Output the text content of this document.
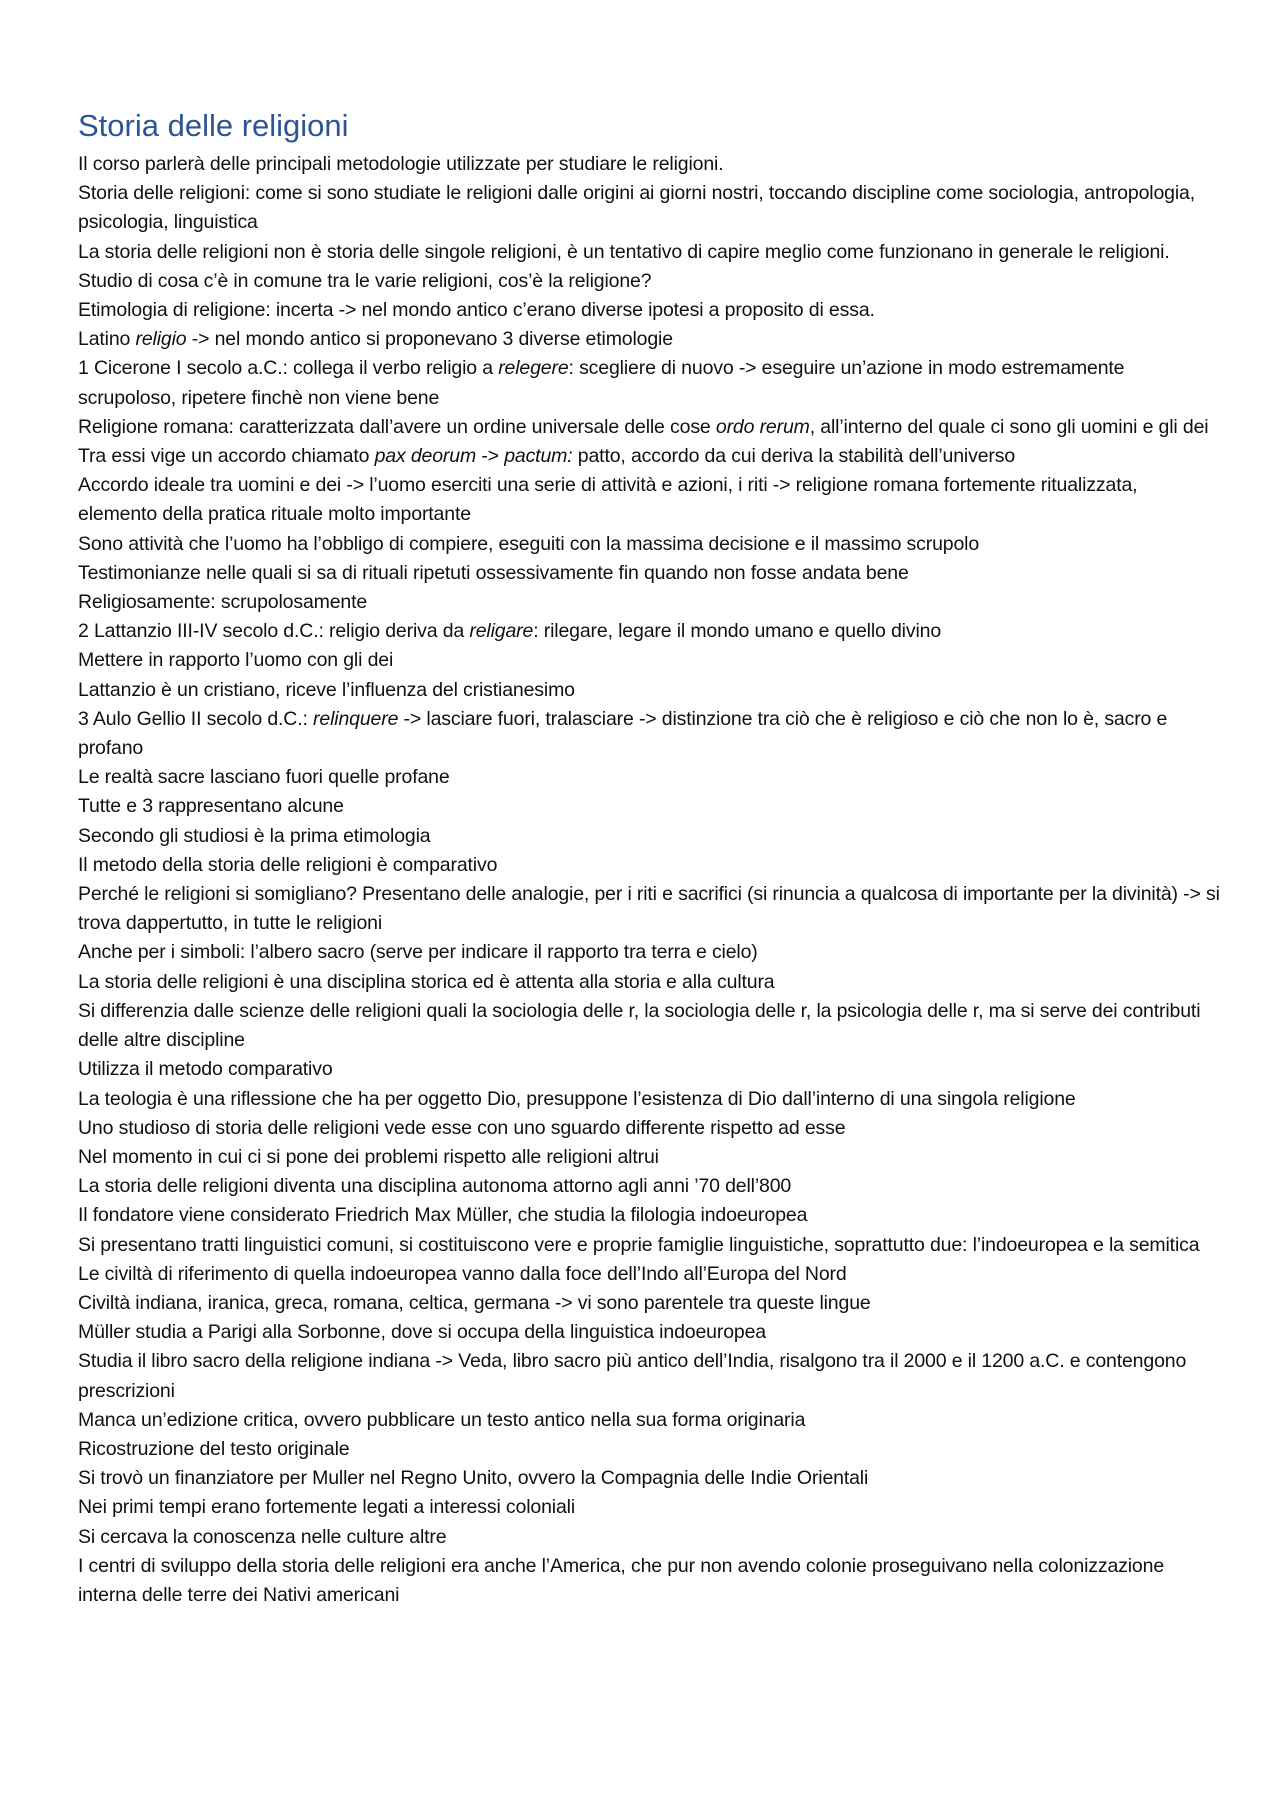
Storia delle religioni

Il corso parlerà delle principali metodologie utilizzate per studiare le religioni.

Storia delle religioni: come si sono studiate le religioni dalle origini ai giorni nostri, toccando discipline come sociologia, antropologia, psicologia, linguistica

La storia delle religioni non è storia delle singole religioni, è un tentativo di capire meglio come funzionano in generale le religioni.

Studio di cosa c’è in comune tra le varie religioni, cos’è la religione?

Etimologia di religione: incerta -> nel mondo antico c’erano diverse ipotesi a proposito di essa.

Latino religio -> nel mondo antico si proponevano 3 diverse etimologie

1 Cicerone I secolo a.C.: collega il verbo religio a relegere: scegliere di nuovo -> eseguire un’azione in modo estremamente scrupoloso, ripetere finchè non viene bene

Religione romana: caratterizzata dall’avere un ordine universale delle cose ordo rerum, all’interno del quale ci sono gli uomini e gli dei

Tra essi vige un accordo chiamato pax deorum -> pactum: patto, accordo da cui deriva la stabilità dell’universo

Accordo ideale tra uomini e dei -> l’uomo eserciti una serie di attività e azioni, i riti -> religione romana fortemente ritualizzata, elemento della pratica rituale molto importante

Sono attività che l’uomo ha l’obbligo di compiere, eseguiti con la massima decisione e il massimo scrupolo

Testimonianze nelle quali si sa di rituali ripetuti ossessivamente fin quando non fosse andata bene

Religiosamente: scrupolosamente

2 Lattanzio III-IV secolo d.C.: religio deriva da religare: rilegare, legare il mondo umano e quello divino

Mettere in rapporto l’uomo con gli dei

Lattanzio è un cristiano, riceve l’influenza del cristianesimo

3 Aulo Gellio II secolo d.C.: relinquere -> lasciare fuori, tralasciare -> distinzione tra ciò che è religioso e ciò che non lo è, sacro e profano

Le realtà sacre lasciano fuori quelle profane

Tutte e 3 rappresentano alcune

Secondo gli studiosi è la prima etimologia

Il metodo della storia delle religioni è comparativo

Perché le religioni si somigliano? Presentano delle analogie, per i riti e sacrifici (si rinuncia a qualcosa di importante per la divinità) -> si trova dappertutto, in tutte le religioni

Anche per i simboli: l’albero sacro (serve per indicare il rapporto tra terra e cielo)

La storia delle religioni è una disciplina storica ed è attenta alla storia e alla cultura

Si differenzia dalle scienze delle religioni quali la sociologia delle r, la sociologia delle r, la psicologia delle r, ma si serve dei contributi delle altre discipline

Utilizza il metodo comparativo

La teologia è una riflessione che ha per oggetto Dio, presuppone l’esistenza di Dio dall’interno di una singola religione

Uno studioso di storia delle religioni vede esse con uno sguardo differente rispetto ad esse

Nel momento in cui ci si pone dei problemi rispetto alle religioni altrui

La storia delle religioni diventa una disciplina autonoma attorno agli anni ’70 dell’800

Il fondatore viene considerato Friedrich Max Müller, che studia la filologia indoeuropea

Si presentano tratti linguistici comuni, si costituiscono vere e proprie famiglie linguistiche, soprattutto due: l’indoeuropea e la semitica

Le civiltà di riferimento di quella indoeuropea vanno dalla foce dell’Indo all’Europa del Nord

Civiltà indiana, iranica, greca, romana, celtica, germana -> vi sono parentele tra queste lingue

Müller studia a Parigi alla Sorbonne, dove si occupa della linguistica indoeuropea

Studia il libro sacro della religione indiana -> Veda, libro sacro più antico dell’India, risalgono tra il 2000 e il 1200 a.C. e contengono prescrizioni

Manca un’edizione critica, ovvero pubblicare un testo antico nella sua forma originaria

Ricostruzione del testo originale

Si trovò un finanziatore per Muller nel Regno Unito, ovvero la Compagnia delle Indie Orientali

Nei primi tempi erano fortemente legati a interessi coloniali

Si cercava la conoscenza nelle culture altre

I centri di sviluppo della storia delle religioni era anche l’America, che pur non avendo colonie proseguivano nella colonizzazione interna delle terre dei Nativi americani
